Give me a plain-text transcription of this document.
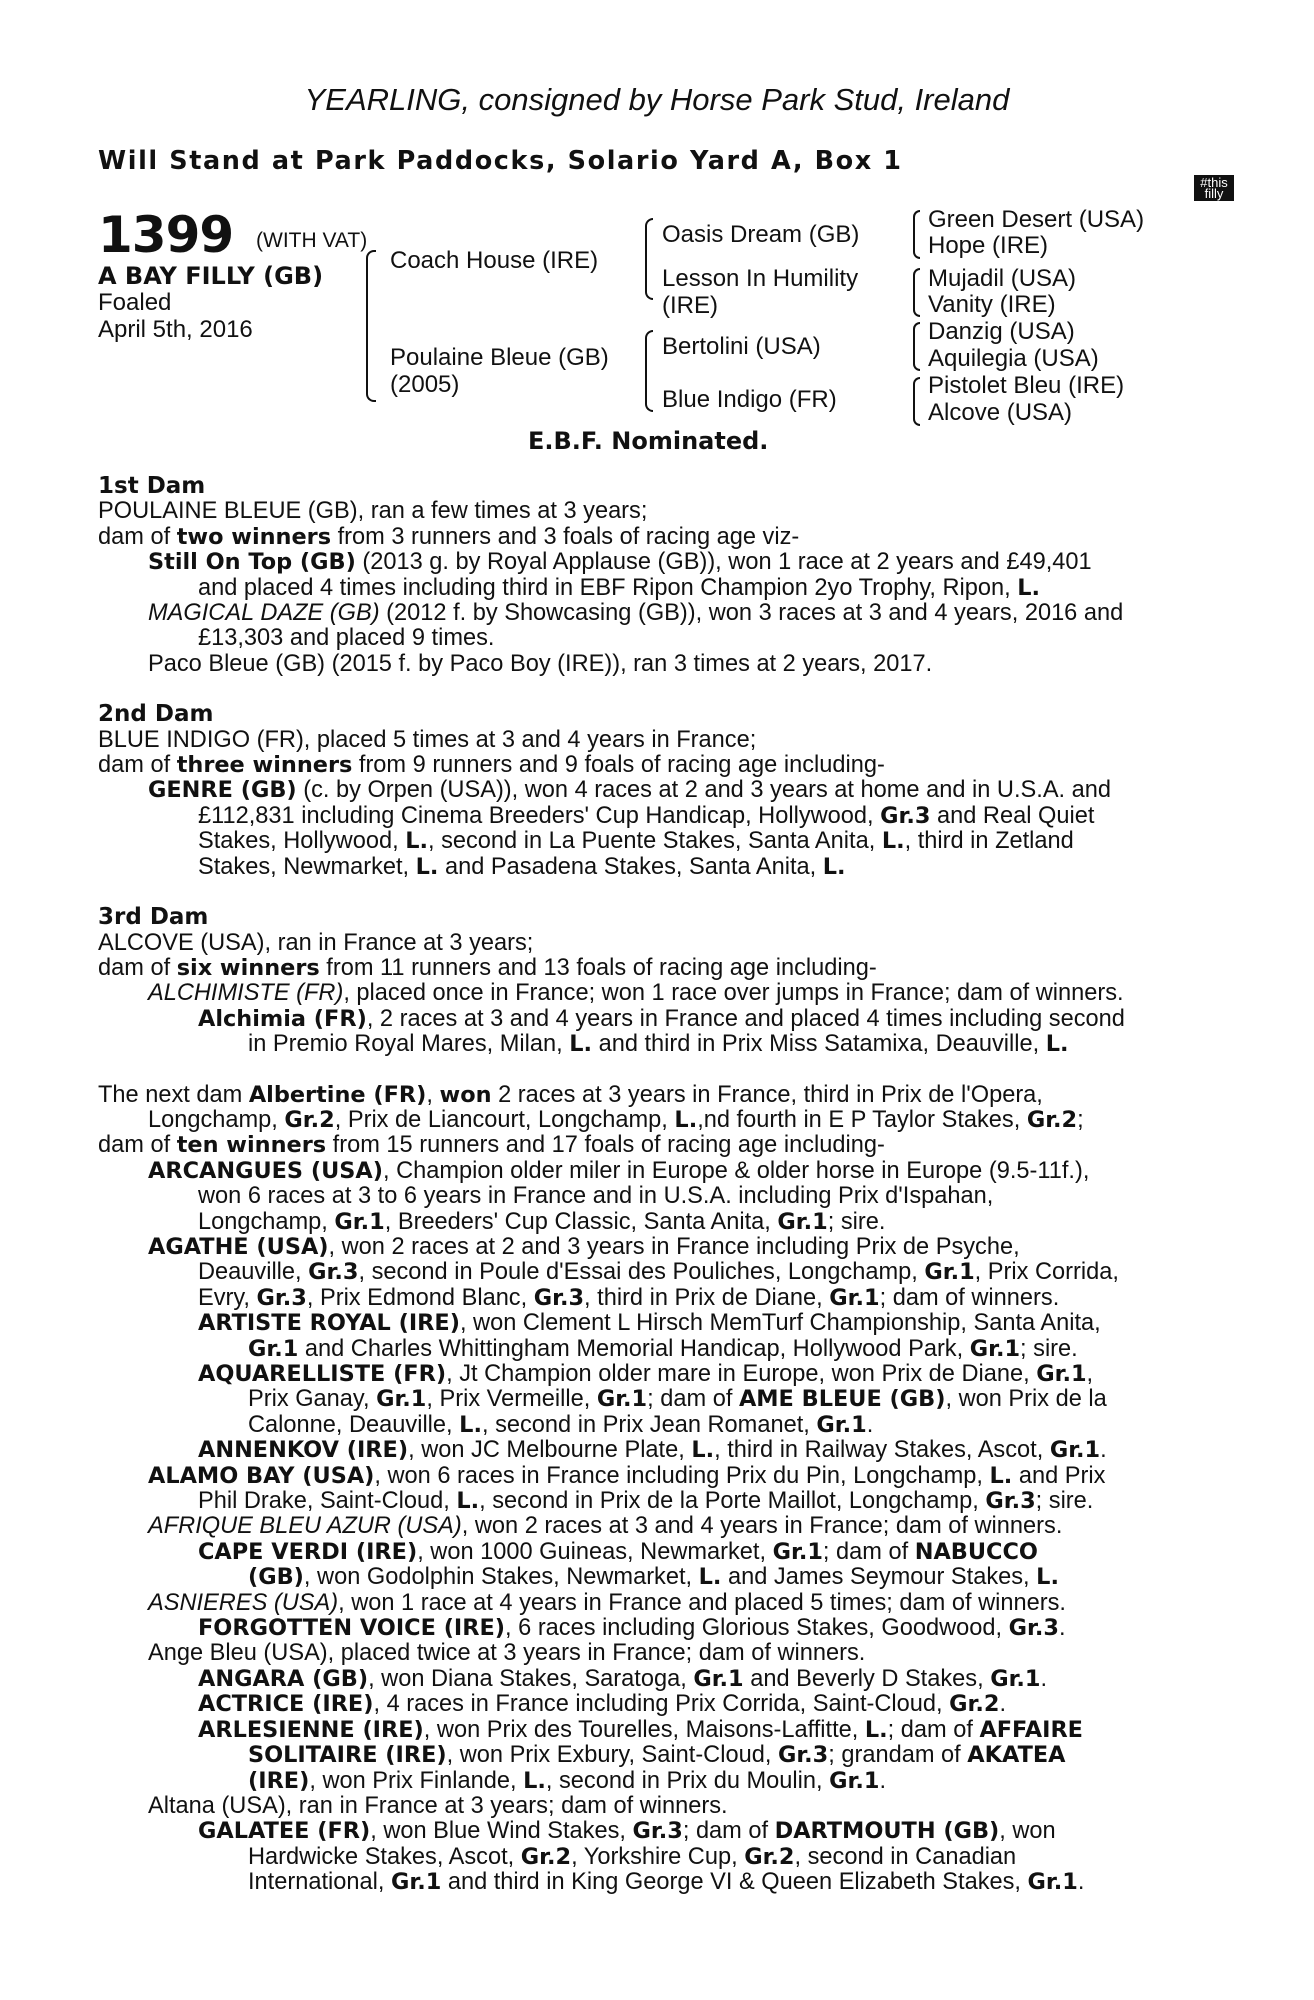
YEARLING, consigned by Horse Park Stud, Ireland
Will Stand at Park Paddocks, Solario Yard A, Box 1
#this
filly
can
1399 (WITH VAT)
A BAY FILLY (GB)
Foaled
April 5th, 2016
Coach House (IRE)
Poulaine Bleue (GB)
(2005)
Oasis Dream (GB)
Lesson In Humility
(IRE)
Bertolini (USA)
Blue Indigo (FR)
Green Desert (USA)
Hope (IRE)
Mujadil (USA)
Vanity (IRE)
Danzig (USA)
Aquilegia (USA)
Pistolet Bleu (IRE)
Alcove (USA)
E.B.F. Nominated.
1st Dam
POULAINE BLEUE (GB), ran a few times at 3 years;
dam of two winners from 3 runners and 3 foals of racing age viz-
Still On Top (GB) (2013 g. by Royal Applause (GB)), won 1 race at 2 years and £49,401
and placed 4 times including third in EBF Ripon Champion 2yo Trophy, Ripon, L.
MAGICAL DAZE (GB) (2012 f. by Showcasing (GB)), won 3 races at 3 and 4 years, 2016 and
£13,303 and placed 9 times.
Paco Bleue (GB) (2015 f. by Paco Boy (IRE)), ran 3 times at 2 years, 2017.
2nd Dam
BLUE INDIGO (FR), placed 5 times at 3 and 4 years in France;
dam of three winners from 9 runners and 9 foals of racing age including-
GENRE (GB) (c. by Orpen (USA)), won 4 races at 2 and 3 years at home and in U.S.A. and
£112,831 including Cinema Breeders' Cup Handicap, Hollywood, Gr.3 and Real Quiet
Stakes, Hollywood, L., second in La Puente Stakes, Santa Anita, L., third in Zetland
Stakes, Newmarket, L. and Pasadena Stakes, Santa Anita, L.
3rd Dam
ALCOVE (USA), ran in France at 3 years;
dam of six winners from 11 runners and 13 foals of racing age including-
ALCHIMISTE (FR), placed once in France; won 1 race over jumps in France; dam of winners.
Alchimia (FR), 2 races at 3 and 4 years in France and placed 4 times including second
in Premio Royal Mares, Milan, L. and third in Prix Miss Satamixa, Deauville, L.
The next dam Albertine (FR), won 2 races at 3 years in France, third in Prix de l'Opera,
Longchamp, Gr.2, Prix de Liancourt, Longchamp, L.,nd fourth in E P Taylor Stakes, Gr.2;
dam of ten winners from 15 runners and 17 foals of racing age including-
ARCANGUES (USA), Champion older miler in Europe & older horse in Europe (9.5-11f.),
won 6 races at 3 to 6 years in France and in U.S.A. including Prix d'Ispahan,
Longchamp, Gr.1, Breeders' Cup Classic, Santa Anita, Gr.1; sire.
AGATHE (USA), won 2 races at 2 and 3 years in France including Prix de Psyche,
Deauville, Gr.3, second in Poule d'Essai des Pouliches, Longchamp, Gr.1, Prix Corrida,
Evry, Gr.3, Prix Edmond Blanc, Gr.3, third in Prix de Diane, Gr.1; dam of winners.
ARTISTE ROYAL (IRE), won Clement L Hirsch MemTurf Championship, Santa Anita,
Gr.1 and Charles Whittingham Memorial Handicap, Hollywood Park, Gr.1; sire.
AQUARELLISTE (FR), Jt Champion older mare in Europe, won Prix de Diane, Gr.1,
Prix Ganay, Gr.1, Prix Vermeille, Gr.1; dam of AME BLEUE (GB), won Prix de la
Calonne, Deauville, L., second in Prix Jean Romanet, Gr.1.
ANNENKOV (IRE), won JC Melbourne Plate, L., third in Railway Stakes, Ascot, Gr.1.
ALAMO BAY (USA), won 6 races in France including Prix du Pin, Longchamp, L. and Prix
Phil Drake, Saint-Cloud, L., second in Prix de la Porte Maillot, Longchamp, Gr.3; sire.
AFRIQUE BLEU AZUR (USA), won 2 races at 3 and 4 years in France; dam of winners.
CAPE VERDI (IRE), won 1000 Guineas, Newmarket, Gr.1; dam of NABUCCO
(GB), won Godolphin Stakes, Newmarket, L. and James Seymour Stakes, L.
ASNIERES (USA), won 1 race at 4 years in France and placed 5 times; dam of winners.
FORGOTTEN VOICE (IRE), 6 races including Glorious Stakes, Goodwood, Gr.3.
Ange Bleu (USA), placed twice at 3 years in France; dam of winners.
ANGARA (GB), won Diana Stakes, Saratoga, Gr.1 and Beverly D Stakes, Gr.1.
ACTRICE (IRE), 4 races in France including Prix Corrida, Saint-Cloud, Gr.2.
ARLESIENNE (IRE), won Prix des Tourelles, Maisons-Laffitte, L.; dam of AFFAIRE
SOLITAIRE (IRE), won Prix Exbury, Saint-Cloud, Gr.3; grandam of AKATEA
(IRE), won Prix Finlande, L., second in Prix du Moulin, Gr.1.
Altana (USA), ran in France at 3 years; dam of winners.
GALATEE (FR), won Blue Wind Stakes, Gr.3; dam of DARTMOUTH (GB), won
Hardwicke Stakes, Ascot, Gr.2, Yorkshire Cup, Gr.2, second in Canadian
International, Gr.1 and third in King George VI & Queen Elizabeth Stakes, Gr.1.
